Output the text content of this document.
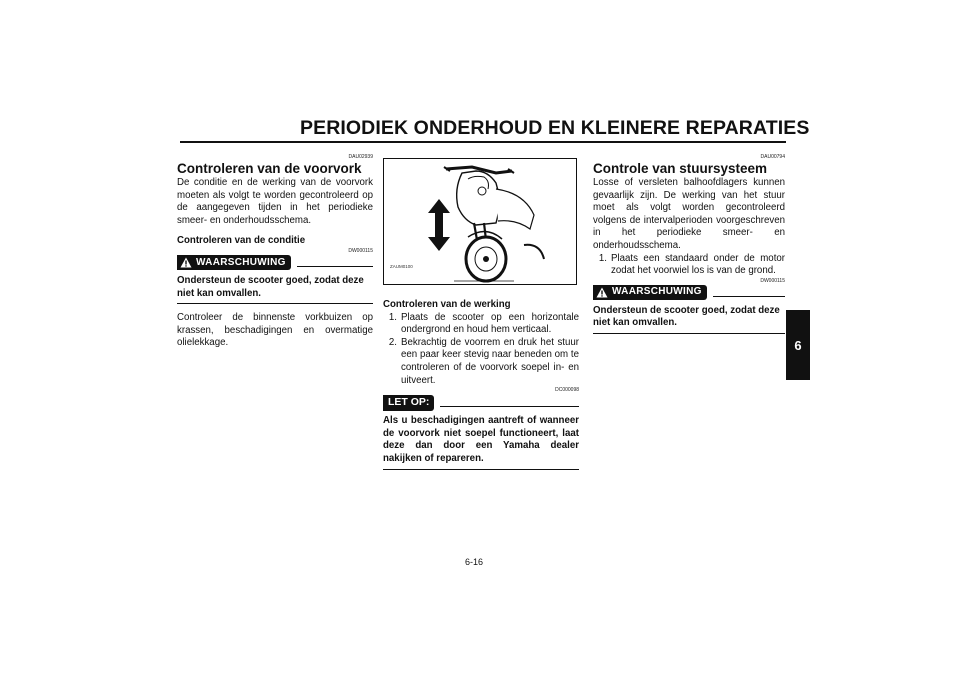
PERIODIEK ONDERHOUD EN KLEINERE REPARATIES
6
DAU02939
Controleren van de voorvork

De conditie en de werking van de voorvork moeten als volgt te worden gecontroleerd op de aangegeven tijden in het periodieke smeer- en onderhoudsschema.

Controleren van de conditie

DW000115
WAARSCHUWING

Ondersteun de scooter goed, zodat deze niet kan omvallen.

Controleer de binnenste vorkbuizen op krassen, beschadigingen en overmatige olielekkage.

ZAUM0100

Controleren van de werking

1. Plaats de scooter op een horizontale ondergrond en houd hem verticaal.
2. Bekrachtig de voorrem en druk het stuur een paar keer stevig naar beneden om te controleren of de voorvork soepel in- en uitveert.
DC000098
LET OP:

Als u beschadigingen aantreft of wanneer de voorvork niet soepel functioneert, laat deze dan door een Yamaha dealer nakijken of repareren.

DAU00794
Controle van stuursysteem

Losse of versleten balhoofdlagers kunnen gevaarlijk zijn. De werking van het stuur moet als volgt worden gecontroleerd volgens de intervalperioden voorgeschreven in het periodieke smeer- en onderhoudsschema.

1. Plaats een standaard onder de motor zodat het voorwiel los is van de grond.
DW000115
WAARSCHUWING

Ondersteun de scooter goed, zodat deze niet kan omvallen.

6-16
